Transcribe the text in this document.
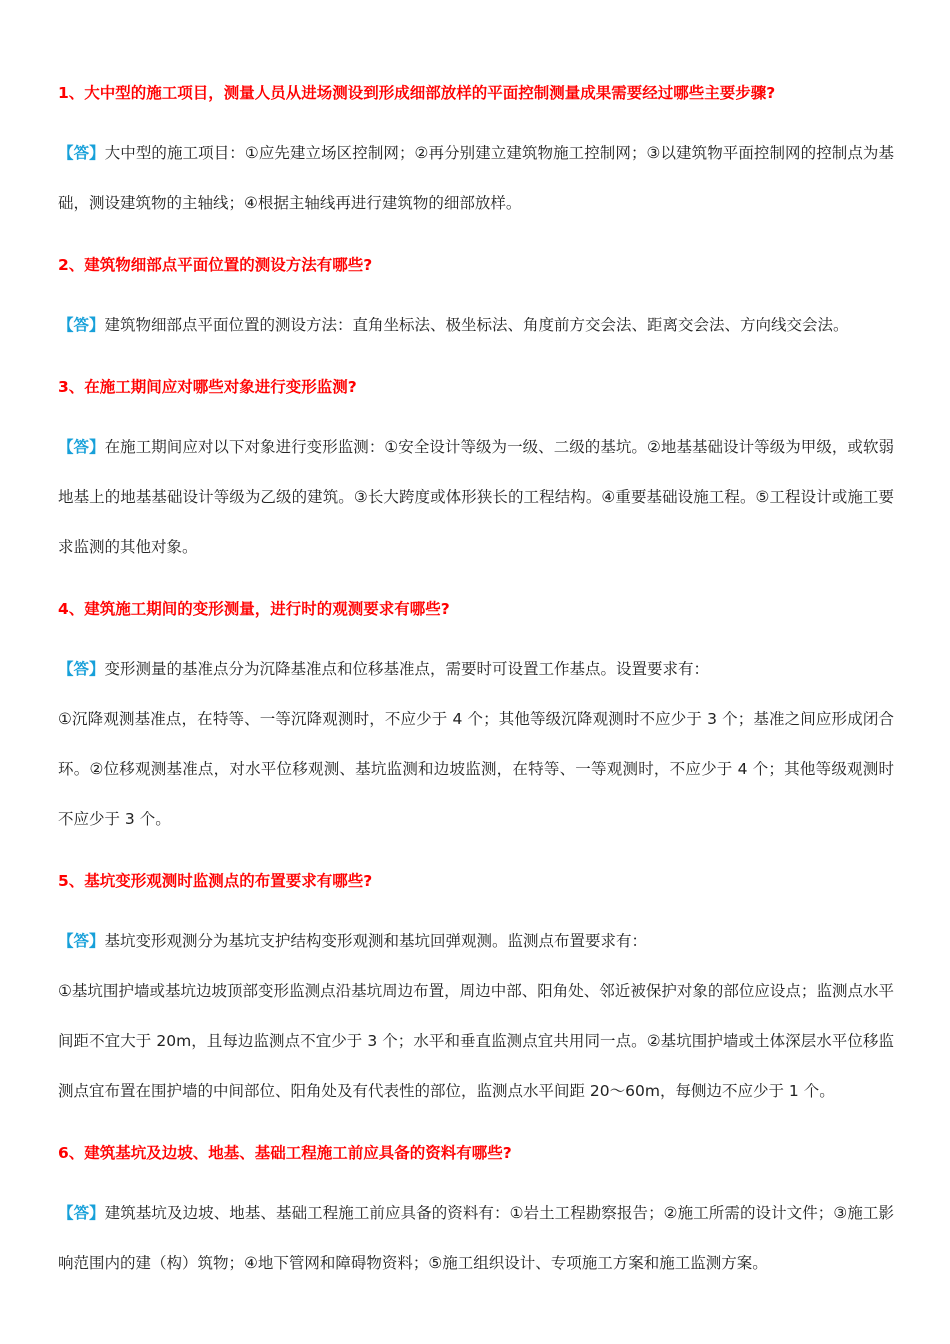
1、大中型的施工项目，测量人员从进场测设到形成细部放样的平面控制测量成果需要经过哪些主要步骤?

【答】大中型的施工项目：①应先建立场区控制网；②再分别建立建筑物施工控制网；③以建筑物平面控制网的控制点为基础，测设建筑物的主轴线；④根据主轴线再进行建筑物的细部放样。

2、建筑物细部点平面位置的测设方法有哪些?

【答】建筑物细部点平面位置的测设方法：直角坐标法、极坐标法、角度前方交会法、距离交会法、方向线交会法。

3、在施工期间应对哪些对象进行变形监测?

【答】在施工期间应对以下对象进行变形监测：①安全设计等级为一级、二级的基坑。②地基基础设计等级为甲级，或软弱地基上的地基基础设计等级为乙级的建筑。③长大跨度或体形狭长的工程结构。④重要基础设施工程。⑤工程设计或施工要求监测的其他对象。

4、建筑施工期间的变形测量，进行时的观测要求有哪些?

【答】变形测量的基准点分为沉降基准点和位移基准点，需要时可设置工作基点。设置要求有：

①沉降观测基准点，在特等、一等沉降观测时，不应少于 4 个；其他等级沉降观测时不应少于 3 个；基准之间应形成闭合环。②位移观测基准点，对水平位移观测、基坑监测和边坡监测，在特等、一等观测时，不应少于 4 个；其他等级观测时不应少于 3 个。

5、基坑变形观测时监测点的布置要求有哪些?

【答】基坑变形观测分为基坑支护结构变形观测和基坑回弹观测。监测点布置要求有：

①基坑围护墙或基坑边坡顶部变形监测点沿基坑周边布置，周边中部、阳角处、邻近被保护对象的部位应设点；监测点水平间距不宜大于 20m，且每边监测点不宜少于 3 个；水平和垂直监测点宜共用同一点。②基坑围护墙或土体深层水平位移监测点宜布置在围护墙的中间部位、阳角处及有代表性的部位，监测点水平间距 20～60m，每侧边不应少于 1 个。

6、建筑基坑及边坡、地基、基础工程施工前应具备的资料有哪些?

【答】建筑基坑及边坡、地基、基础工程施工前应具备的资料有：①岩土工程勘察报告；②施工所需的设计文件；③施工影响范围内的建（构）筑物；④地下管网和障碍物资料；⑤施工组织设计、专项施工方案和施工监测方案。
